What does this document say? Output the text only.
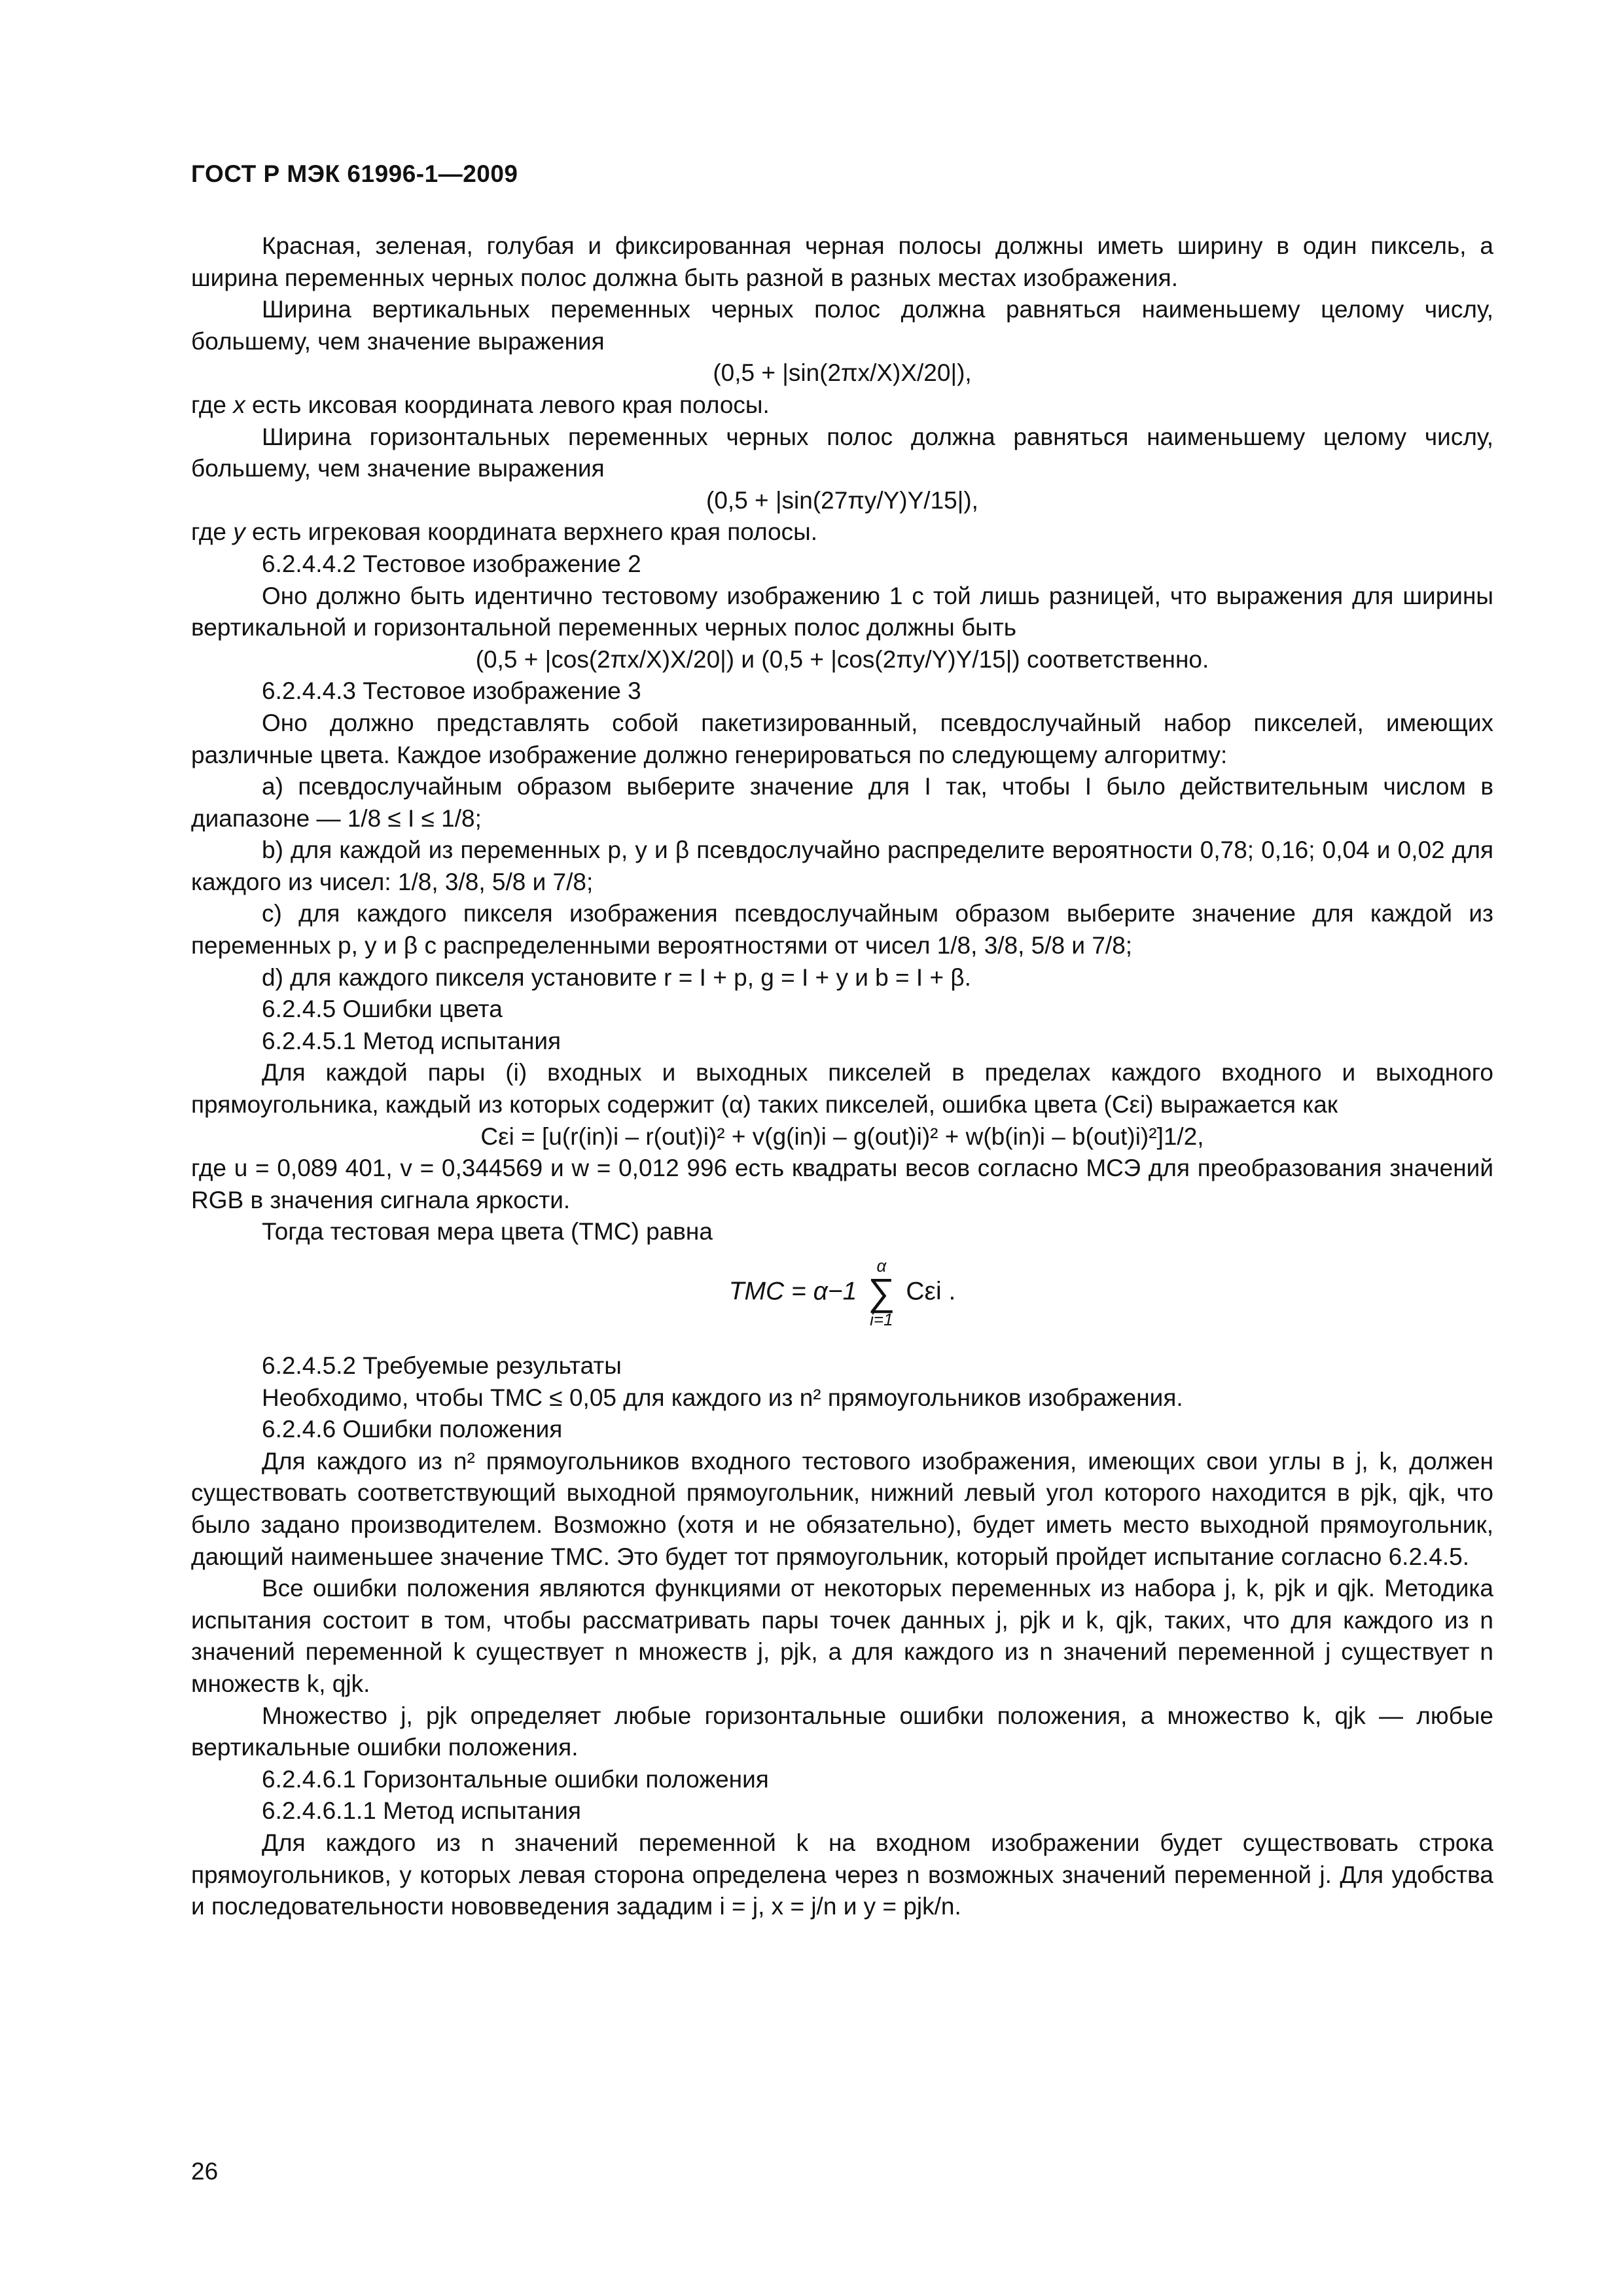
ГОСТ Р МЭК 61996-1—2009

Красная, зеленая, голубая и фиксированная черная полосы должны иметь ширину в один пиксель, а ширина переменных черных полос должна быть разной в разных местах изображения.

Ширина вертикальных переменных черных полос должна равняться наименьшему целому числу, большему, чем значение выражения

(0,5 + |sin(2πx/X)X/20|),

где x есть иксовая координата левого края полосы.

Ширина горизонтальных переменных черных полос должна равняться наименьшему целому числу, большему, чем значение выражения

(0,5 + |sin(27πy/Y)Y/15|),

где y есть игрековая координата верхнего края полосы.

6.2.4.4.2 Тестовое изображение 2

Оно должно быть идентично тестовому изображению 1 с той лишь разницей, что выражения для ширины вертикальной и горизонтальной переменных черных полос должны быть

(0,5 + |cos(2πx/X)X/20|) и (0,5 + |cos(2πy/Y)Y/15|) соответственно.

6.2.4.4.3 Тестовое изображение 3

Оно должно представлять собой пакетизированный, псевдослучайный набор пикселей, имеющих различные цвета. Каждое изображение должно генерироваться по следующему алгоритму:

a) псевдослучайным образом выберите значение для I так, чтобы I было действительным числом в диапазоне — 1/8 ≤ I ≤ 1/8;

b) для каждой из переменных p, y и β псевдослучайно распределите вероятности 0,78; 0,16; 0,04 и 0,02 для каждого из чисел: 1/8, 3/8, 5/8 и 7/8;

c) для каждого пикселя изображения псевдослучайным образом выберите значение для каждой из переменных p, y и β с распределенными вероятностями от чисел 1/8, 3/8, 5/8 и 7/8;

d) для каждого пикселя установите r = I + p, g = I + y и b = I + β.

6.2.4.5 Ошибки цвета

6.2.4.5.1 Метод испытания

Для каждой пары (i) входных и выходных пикселей в пределах каждого входного и выходного прямоугольника, каждый из которых содержит (α) таких пикселей, ошибка цвета (Cεi) выражается как

Cεi = [u(r(in)i – r(out)i)² + v(g(in)i – g(out)i)² + w(b(in)i – b(out)i)²]1/2,

где u = 0,089 401, v = 0,344569 и w = 0,012 996 есть квадраты весов согласно МСЭ для преобразования значений RGB в значения сигнала яркости.

Тогда тестовая мера цвета (TMC) равна

TMC = α−1
α
∑
i=1
Cεi .

6.2.4.5.2 Требуемые результаты

Необходимо, чтобы TMC ≤ 0,05 для каждого из n² прямоугольников изображения.

6.2.4.6 Ошибки положения

Для каждого из n² прямоугольников входного тестового изображения, имеющих свои углы в j, k, должен существовать соответствующий выходной прямоугольник, нижний левый угол которого находится в pjk, qjk, что было задано производителем. Возможно (хотя и не обязательно), будет иметь место выходной прямоугольник, дающий наименьшее значение TMC. Это будет тот прямоугольник, который пройдет испытание согласно 6.2.4.5.

Все ошибки положения являются функциями от некоторых переменных из набора j, k, pjk и qjk. Методика испытания состоит в том, чтобы рассматривать пары точек данных j, pjk и k, qjk, таких, что для каждого из n значений переменной k существует n множеств j, pjk, а для каждого из n значений переменной j существует n множеств k, qjk.

Множество j, pjk определяет любые горизонтальные ошибки положения, а множество k, qjk — любые вертикальные ошибки положения.

6.2.4.6.1 Горизонтальные ошибки положения

6.2.4.6.1.1 Метод испытания

Для каждого из n значений переменной k на входном изображении будет существовать строка прямоугольников, у которых левая сторона определена через n возможных значений переменной j. Для удобства и последовательности нововведения зададим i = j, x = j/n и y = pjk/n.

26
